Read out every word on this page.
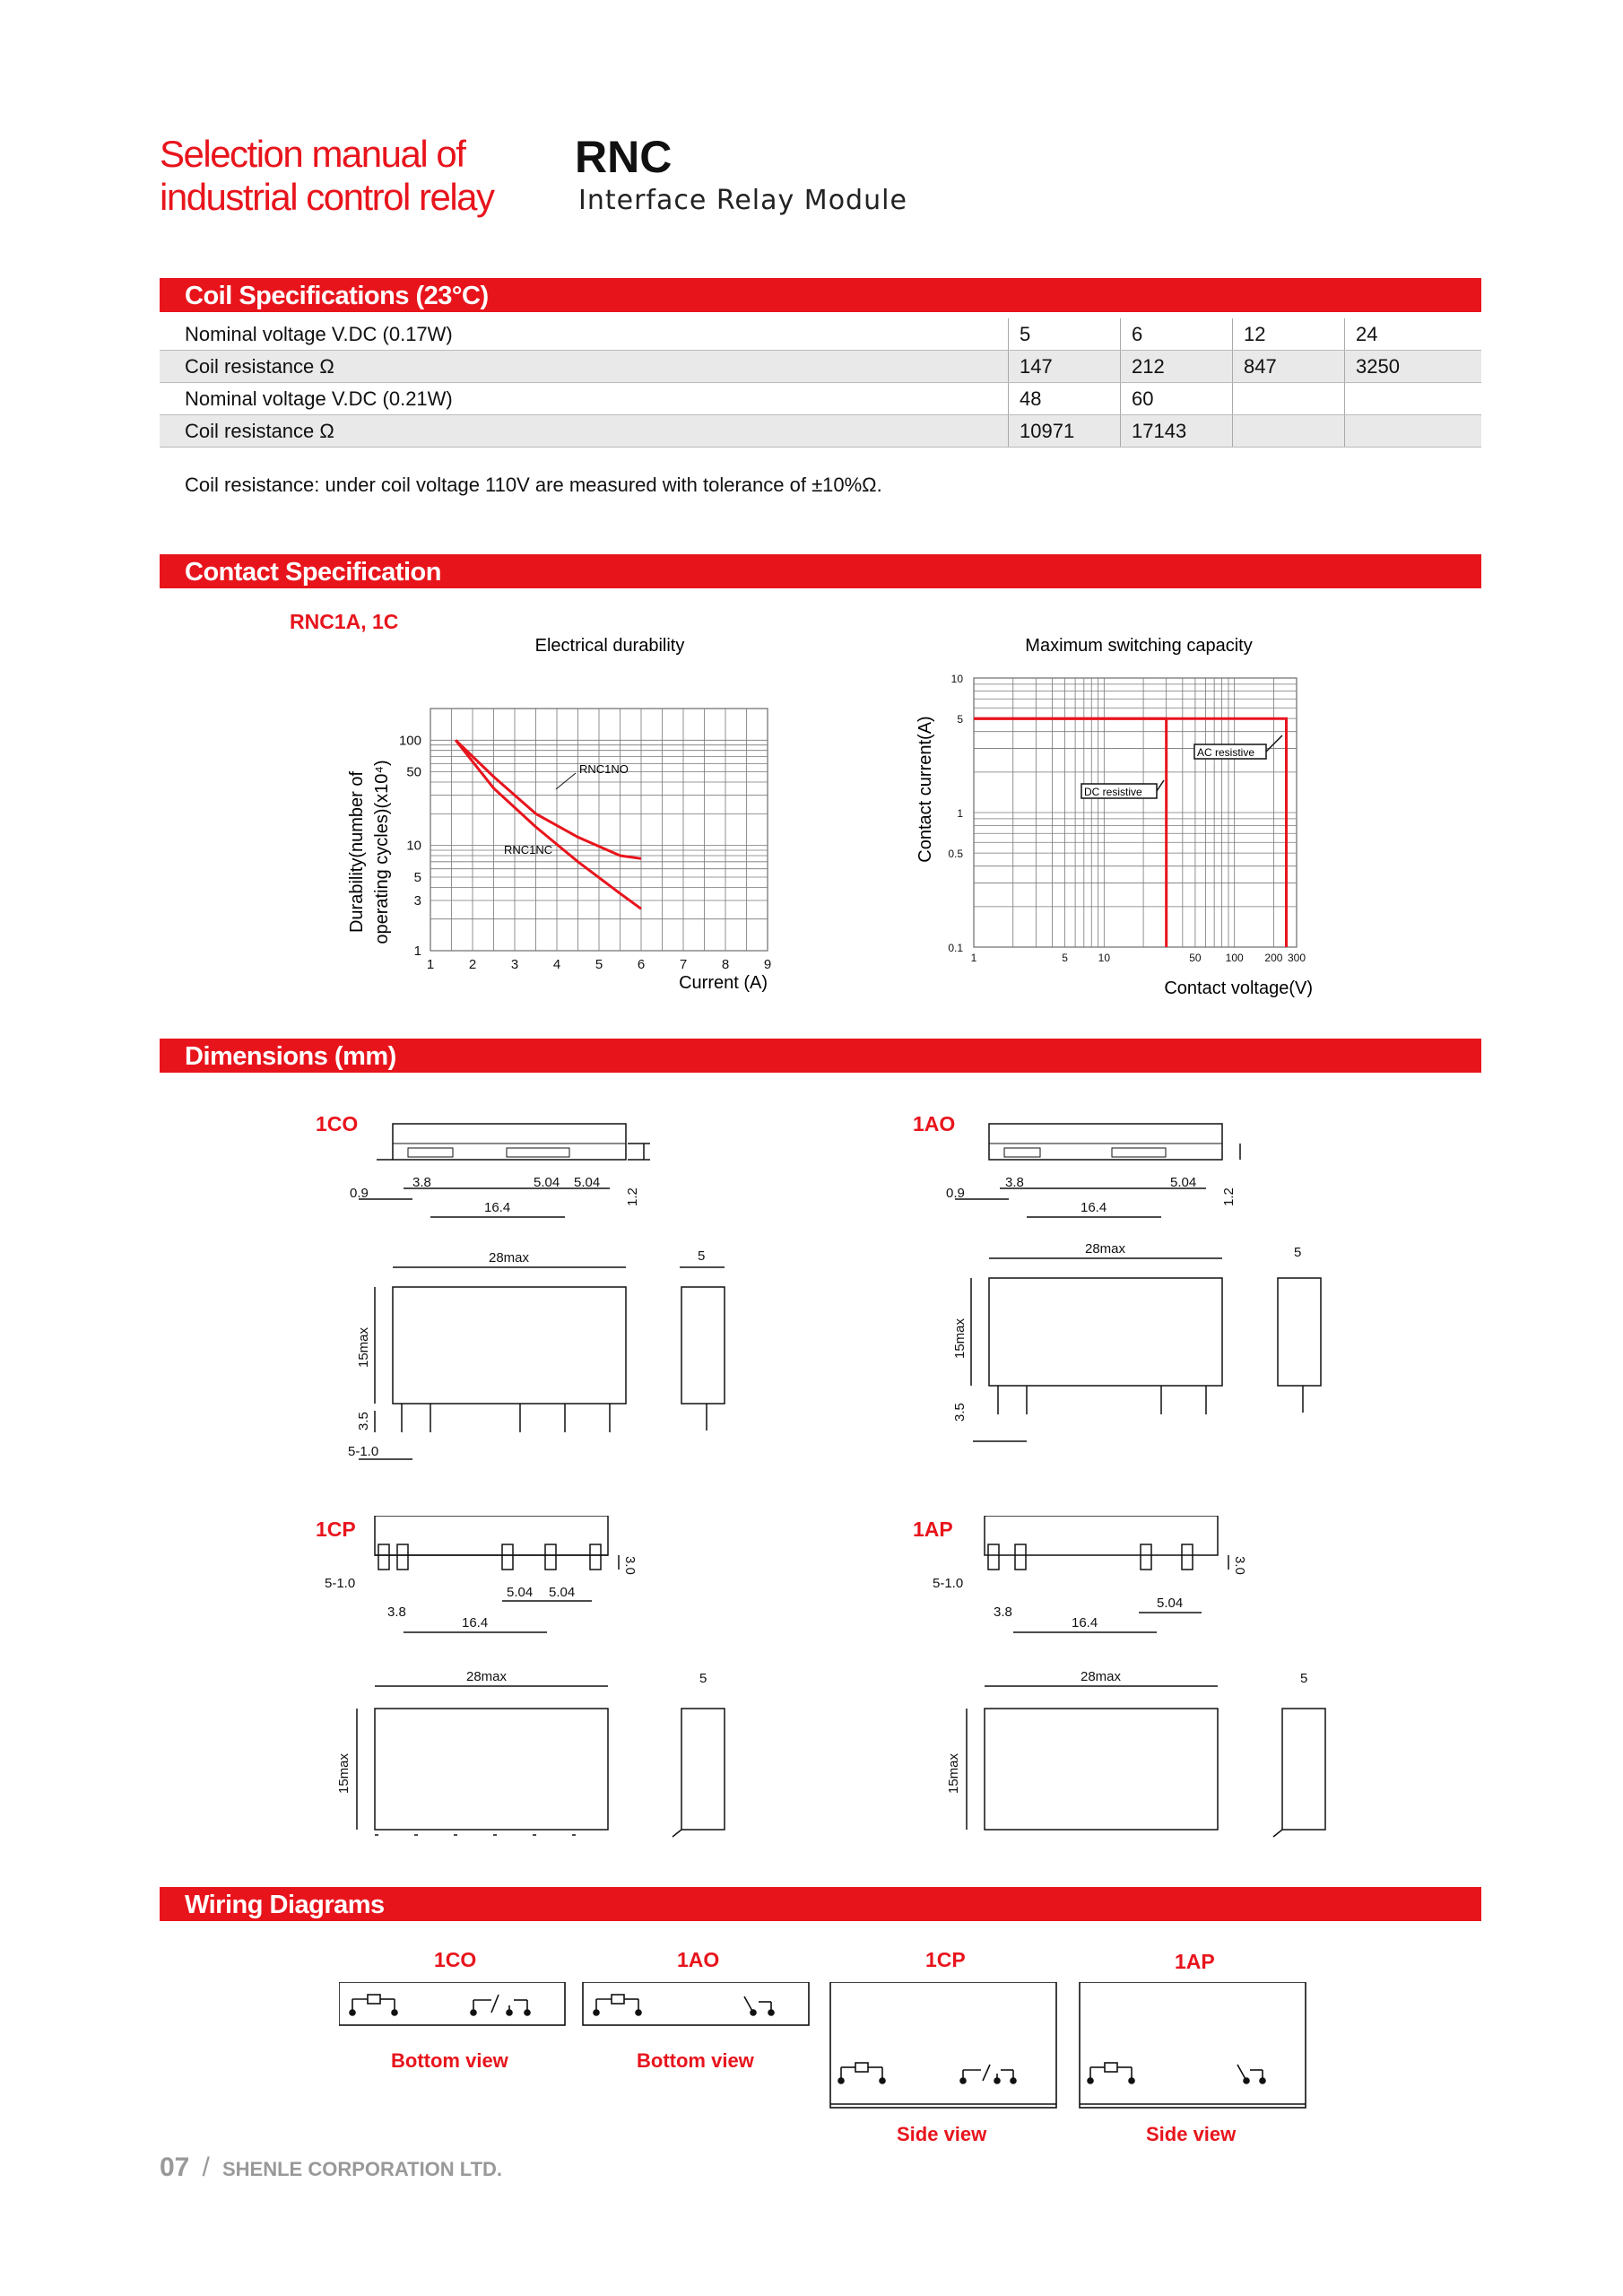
Selection manual of
industrial control relay
RNC
Interface Relay Module
Coil Specifications (23°C)
Nominal voltage V.DC (0.17W)	5	6	12	24
Coil resistance Ω	147	212	847	3250
Nominal voltage V.DC (0.21W)	48	60		
Coil resistance Ω	10971	17143		
Coil resistance: under coil voltage 110V are measured with tolerance of ±10%Ω.
Contact Specification
RNC1A, 1C
Electrical durability
1	2	3	4	5	6	7	8	9
1
3
5
10
50
100
Current (A)
Durability(number of operating cycles)(x10⁴)	RNC1NO
RNC1NC
Maximum switching capacity
1	5	10	50 100 200 300
0.1
0.5
1
5
10
Contact voltage(V)
Contact current(A)	AC resistive
DC resistive
Dimensions (mm)
1CO	1AO
1CP	1AP
0.9
3.8
16.4
5.04 5.04
28max
15max
3.5
5-1.0
5
1.2	0.9
3.8
16.4
5.04
28max
15max
3.5
5
1.2
5-1.0
3.8
16.4
5.04 5.04
28max
15max
5
3.0
5-1.0
3.8
16.4
5.04
28max
15max
5
3.0
Wiring Diagrams
1CO	1AO	1CP	1AP
Bottom view	Bottom view
Side view	Side view
07 / SHENLE CORPORATION LTD.
